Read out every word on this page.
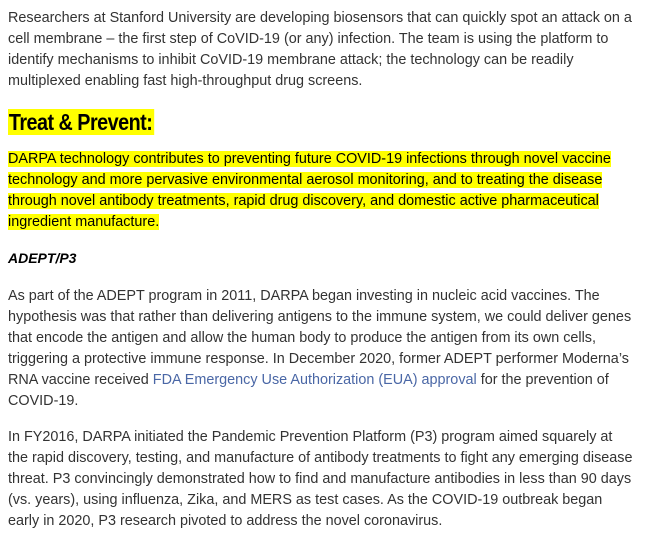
Researchers at Stanford University are developing biosensors that can quickly spot an attack on a cell membrane – the first step of CoVID-19 (or any) infection. The team is using the platform to identify mechanisms to inhibit CoVID-19 membrane attack; the technology can be readily multiplexed enabling fast high-throughput drug screens.

Treat & Prevent:

DARPA technology contributes to preventing future COVID-19 infections through novel vaccine technology and more pervasive environmental aerosol monitoring, and to treating the disease through novel antibody treatments, rapid drug discovery, and domestic active pharmaceutical ingredient manufacture.

ADEPT/P3

As part of the ADEPT program in 2011, DARPA began investing in nucleic acid vaccines. The hypothesis was that rather than delivering antigens to the immune system, we could deliver genes that encode the antigen and allow the human body to produce the antigen from its own cells, triggering a protective immune response. In December 2020, former ADEPT performer Moderna’s RNA vaccine received FDA Emergency Use Authorization (EUA) approval for the prevention of COVID-19.

In FY2016, DARPA initiated the Pandemic Prevention Platform (P3) program aimed squarely at the rapid discovery, testing, and manufacture of antibody treatments to fight any emerging disease threat. P3 convincingly demonstrated how to find and manufacture antibodies in less than 90 days (vs. years), using influenza, Zika, and MERS as test cases. As the COVID-19 outbreak began early in 2020, P3 research pivoted to address the novel coronavirus.
